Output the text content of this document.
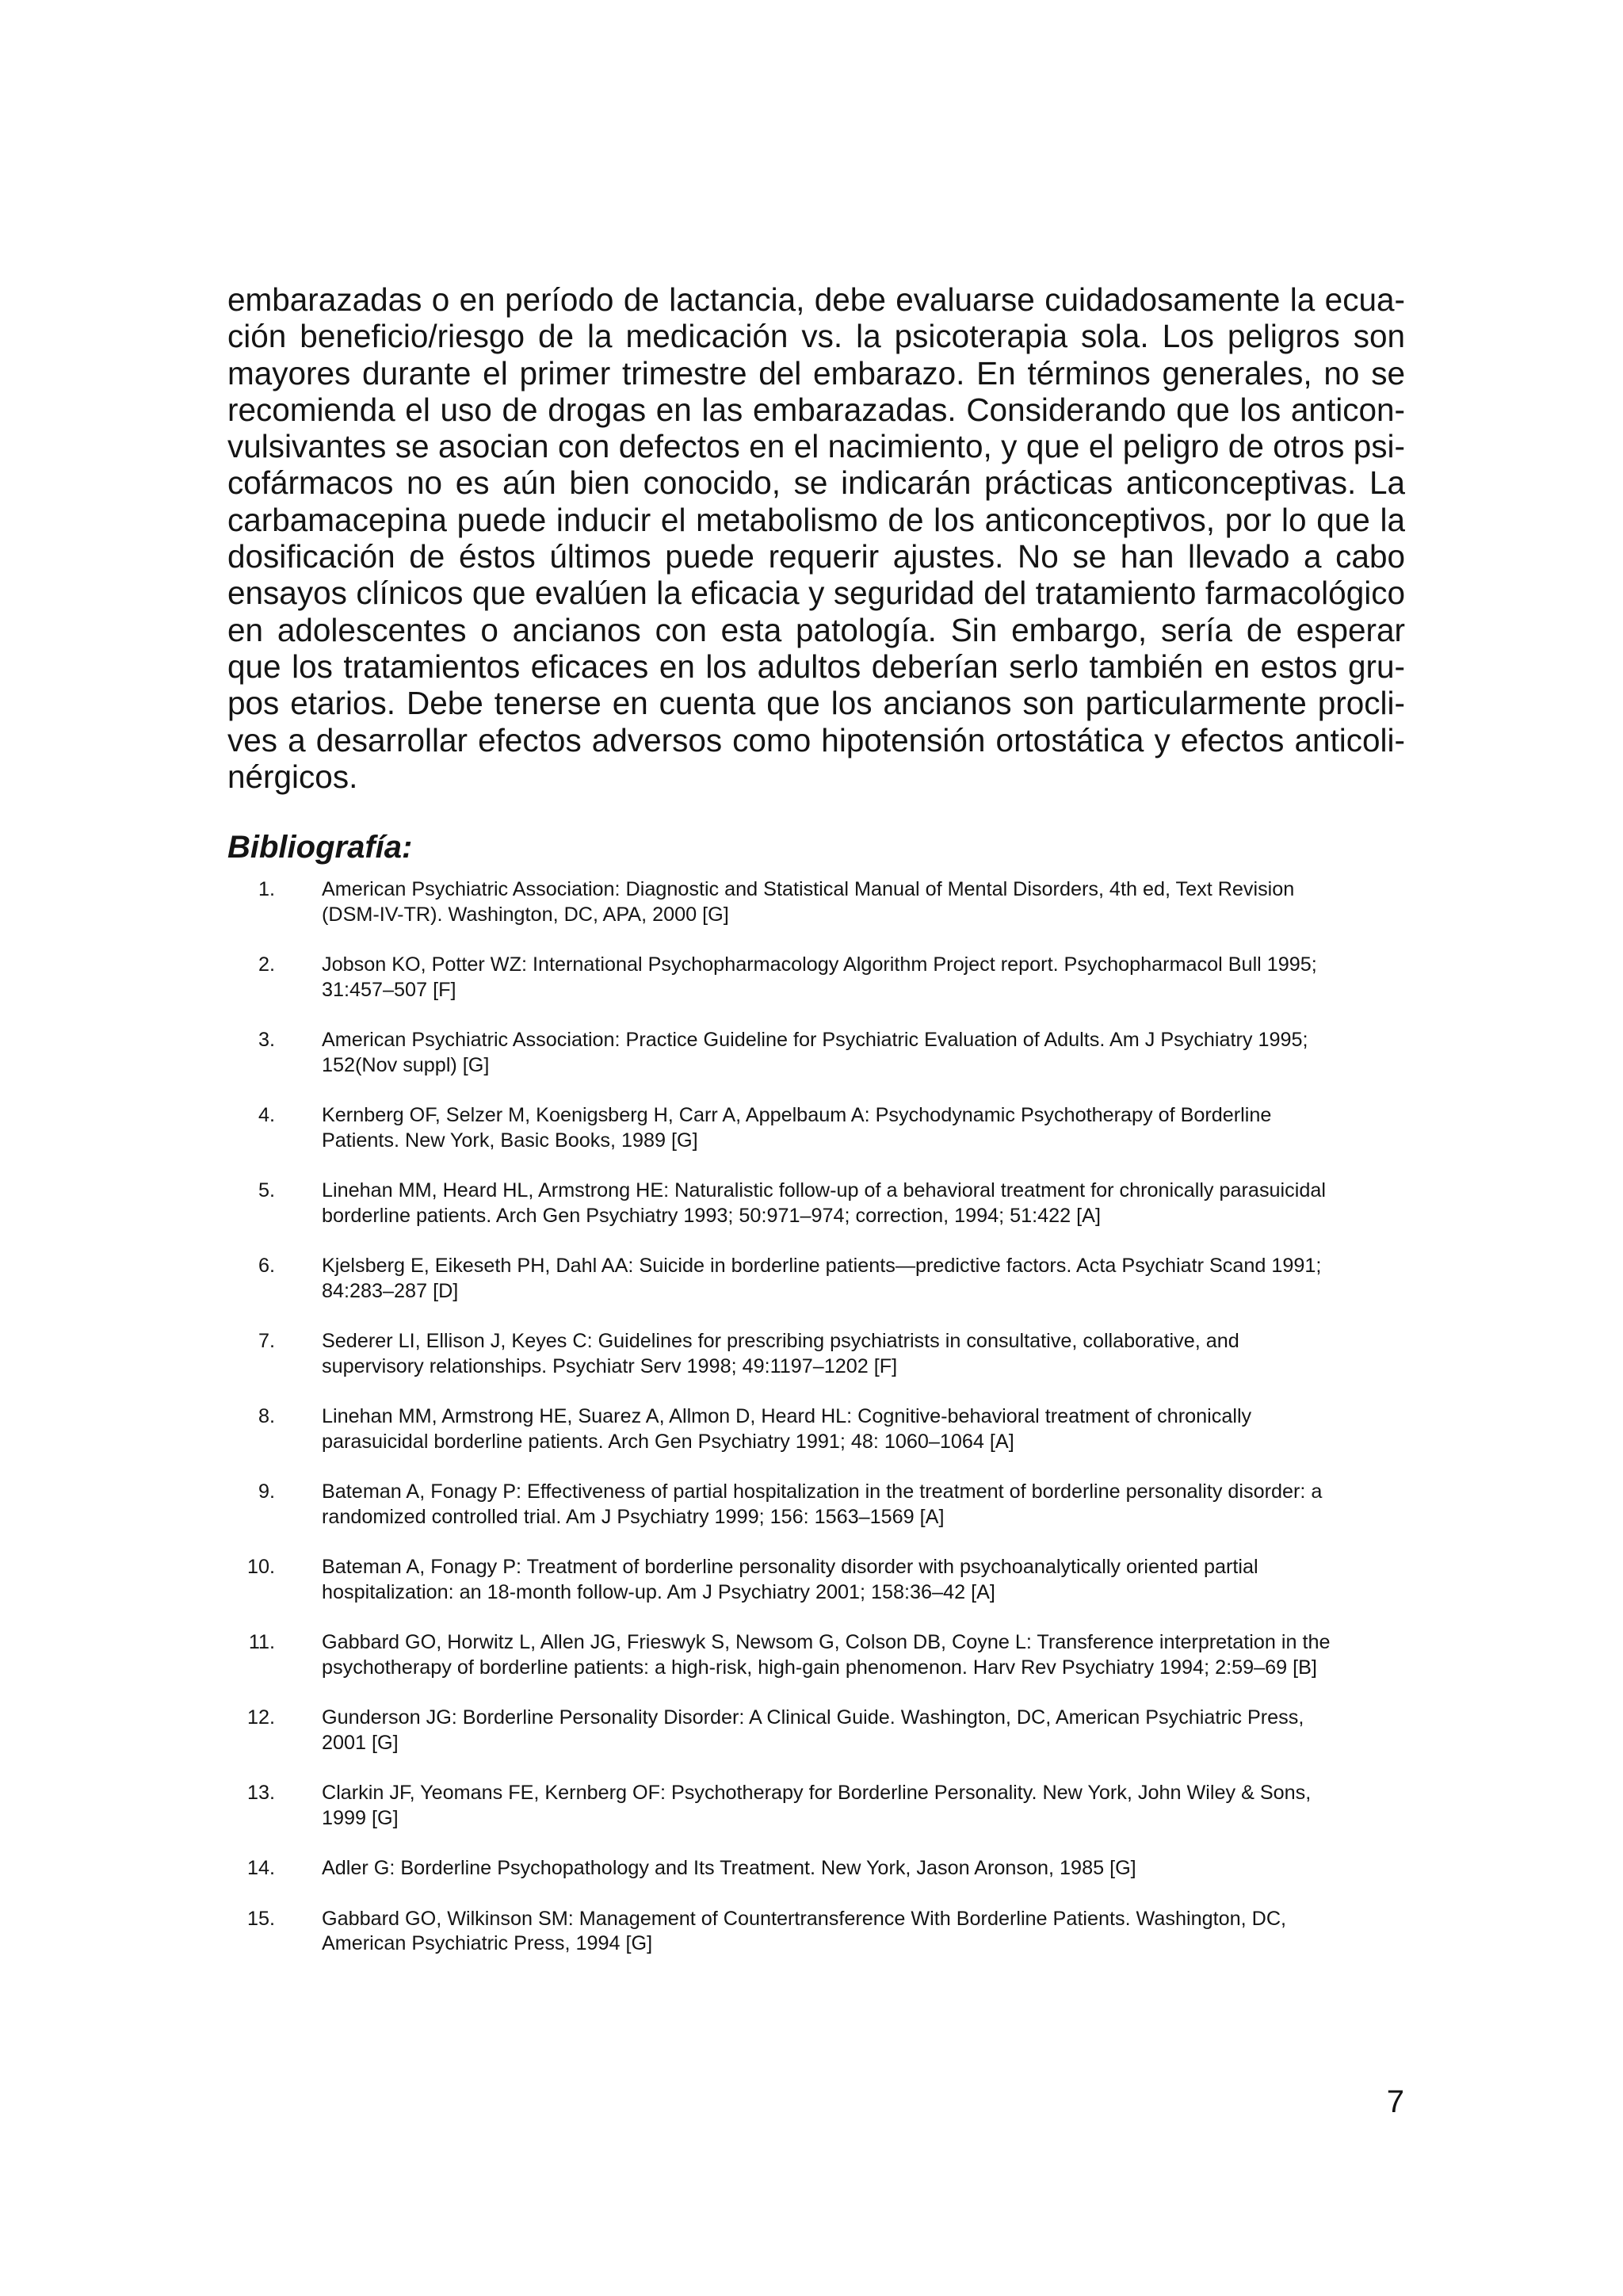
embarazadas o en período de lactancia, debe evaluarse cuidadosamente la ecua-
ción beneficio/riesgo de la medicación vs. la psicoterapia sola. Los peligros son
mayores durante el primer trimestre del embarazo. En términos generales, no se
recomienda el uso de drogas en las embarazadas. Considerando que los anticon-
vulsivantes se asocian con defectos en el nacimiento, y que el peligro de otros psi-
cofármacos no es aún bien conocido, se indicarán prácticas anticonceptivas. La
carbamacepina puede inducir el metabolismo de los anticonceptivos, por lo que la
dosificación de éstos últimos puede requerir ajustes. No se han llevado a cabo
ensayos clínicos que evalúen la eficacia y seguridad del tratamiento farmacológico
en adolescentes o ancianos con esta patología. Sin embargo, sería de esperar
que los tratamientos eficaces en los adultos deberían serlo también en estos gru-
pos etarios. Debe tenerse en cuenta que los ancianos son particularmente procli-
ves a desarrollar efectos adversos como hipotensión ortostática y efectos anticoli-
nérgicos.

Bibliografía:
1.	American Psychiatric Association: Diagnostic and Statistical Manual of Mental Disorders, 4th ed, Text Revision
(DSM-IV-TR). Washington, DC, APA, 2000 [G]
2.	Jobson KO, Potter WZ: International Psychopharmacology Algorithm Project report. Psychopharmacol Bull 1995;
31:457–507 [F]
3.	American Psychiatric Association: Practice Guideline for Psychiatric Evaluation of Adults. Am J Psychiatry 1995;
152(Nov suppl) [G]
4.	Kernberg OF, Selzer M, Koenigsberg H, Carr A, Appelbaum A: Psychodynamic Psychotherapy of Borderline
Patients. New York, Basic Books, 1989 [G]
5.	Linehan MM, Heard HL, Armstrong HE: Naturalistic follow-up of a behavioral treatment for chronically parasuicidal
borderline patients. Arch Gen Psychiatry 1993; 50:971–974; correction, 1994; 51:422 [A]
6.	Kjelsberg E, Eikeseth PH, Dahl AA: Suicide in borderline patients—predictive factors. Acta Psychiatr Scand 1991;
84:283–287 [D]
7.	Sederer LI, Ellison J, Keyes C: Guidelines for prescribing psychiatrists in consultative, collaborative, and
supervisory relationships. Psychiatr Serv 1998; 49:1197–1202 [F]
8.	Linehan MM, Armstrong HE, Suarez A, Allmon D, Heard HL: Cognitive-behavioral treatment of chronically
parasuicidal borderline patients. Arch Gen Psychiatry 1991; 48: 1060–1064 [A]
9.	Bateman A, Fonagy P: Effectiveness of partial hospitalization in the treatment of borderline personality disorder: a
randomized controlled trial. Am J Psychiatry 1999; 156: 1563–1569 [A]
10.	Bateman A, Fonagy P: Treatment of borderline personality disorder with psychoanalytically oriented partial
hospitalization: an 18-month follow-up. Am J Psychiatry 2001; 158:36–42 [A]
11.	Gabbard GO, Horwitz L, Allen JG, Frieswyk S, Newsom G, Colson DB, Coyne L: Transference interpretation in the
psychotherapy of borderline patients: a high-risk, high-gain phenomenon. Harv Rev Psychiatry 1994; 2:59–69 [B]
12.	Gunderson JG: Borderline Personality Disorder: A Clinical Guide. Washington, DC, American Psychiatric Press,
2001 [G]
13.	Clarkin JF, Yeomans FE, Kernberg OF: Psychotherapy for Borderline Personality. New York, John Wiley & Sons,
1999 [G]
14.	Adler G: Borderline Psychopathology and Its Treatment. New York, Jason Aronson, 1985 [G]
15.	Gabbard GO, Wilkinson SM: Management of Countertransference With Borderline Patients. Washington, DC,
American Psychiatric Press, 1994 [G]
7
